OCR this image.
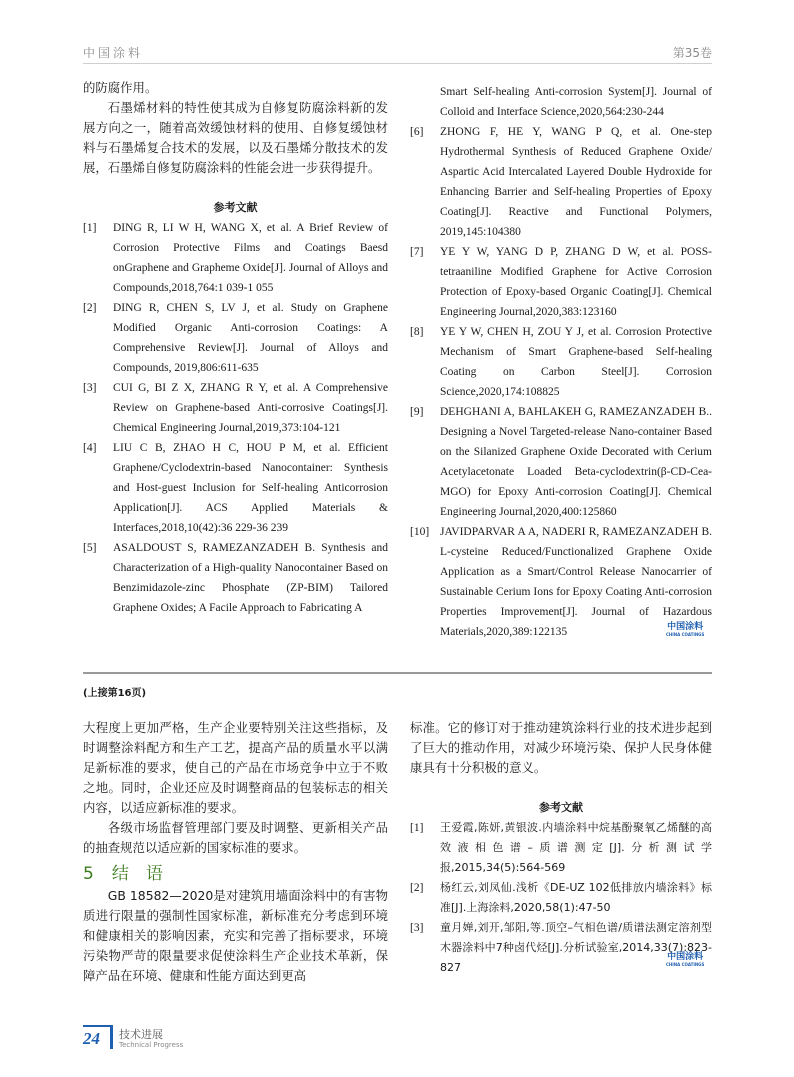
中国涂料	第35卷

的防腐作用。

石墨烯材料的特性使其成为自修复防腐涂料新的发展方向之一，随着高效缓蚀材料的使用、自修复缓蚀材料与石墨烯复合技术的发展，以及石墨烯分散技术的发展，石墨烯自修复防腐涂料的性能会进一步获得提升。

参考文献

[1]	DING R, LI W H, WANG X, et al. A Brief Review of Corrosion Protective Films and Coatings Baesd onGraphene and Grapheme Oxide[J]. Journal of Alloys and Compounds,2018,764:1 039-1 055
[2]	DING R, CHEN S, LV J, et al. Study on Graphene Modified Organic Anti-corrosion Coatings: A Comprehensive Review[J]. Journal of Alloys and Compounds, 2019,806:611-635
[3]	CUI G, BI Z X, ZHANG R Y, et al. A Comprehensive Review on Graphene-based Anti-corrosive Coatings[J]. Chemical Engineering Journal,2019,373:104-121
[4]	LIU C B, ZHAO H C, HOU P M, et al. Efficient Graphene/Cyclodextrin-based Nanocontainer: Synthesis and Host-guest Inclusion for Self-healing Anticorrosion Application[J]. ACS Applied Materials & Interfaces,2018,10(42):36 229-36 239
[5]	ASALDOUST S, RAMEZANZADEH B. Synthesis and Characterization of a High-quality Nanocontainer Based on Benzimidazole-zinc Phosphate (ZP-BIM) Tailored Graphene Oxides; A Facile Approach to Fabricating A
Smart Self-healing Anti-corrosion System[J]. Journal of Colloid and Interface Science,2020,564:230-244
[6]	ZHONG F, HE Y, WANG P Q, et al. One-step Hydrothermal Synthesis of Reduced Graphene Oxide/ Aspartic Acid Intercalated Layered Double Hydroxide for Enhancing Barrier and Self-healing Properties of Epoxy Coating[J]. Reactive and Functional Polymers, 2019,145:104380
[7]	YE Y W, YANG D P, ZHANG D W, et al. POSS-tetraaniline Modified Graphene for Active Corrosion Protection of Epoxy-based Organic Coating[J]. Chemical Engineering Journal,2020,383:123160
[8]	YE Y W, CHEN H, ZOU Y J, et al. Corrosion Protective Mechanism of Smart Graphene-based Self-healing Coating on Carbon Steel[J]. Corrosion Science,2020,174:108825
[9]	DEHGHANI A, BAHLAKEH G, RAMEZANZADEH B.. Designing a Novel Targeted-release Nano-container Based on the Silanized Graphene Oxide Decorated with Cerium Acetylacetonate Loaded Beta-cyclodextrin(β-CD-Cea-MGO) for Epoxy Anti-corrosion Coating[J]. Chemical Engineering Journal,2020,400:125860
[10] JAVIDPARVAR A A, NADERI R, RAMEZANZADEH B. L-cysteine Reduced/Functionalized Graphene Oxide Application as a Smart/Control Release Nanocarrier of Sustainable Cerium Ions for Epoxy Coating Anti-corrosion Properties Improvement[J]. Journal of Hazardous Materials,2020,389:122135	中国涂料
CHINA COATINGS
(上接第16页)

大程度上更加严格，生产企业要特别关注这些指标，及时调整涂料配方和生产工艺，提高产品的质量水平以满足新标准的要求，使自己的产品在市场竞争中立于不败之地。同时，企业还应及时调整商品的包装标志的相关内容，以适应新标准的要求。

各级市场监督管理部门要及时调整、更新相关产品的抽查规范以适应新的国家标准的要求。

5 结　语

GB 18582—2020是对建筑用墙面涂料中的有害物质进行限量的强制性国家标准，新标准充分考虑到环境和健康相关的影响因素，充实和完善了指标要求，环境污染物严苛的限量要求促使涂料生产企业技术革新，保障产品在环境、健康和性能方面达到更高

标准。它的修订对于推动建筑涂料行业的技术进步起到了巨大的推动作用，对减少环境污染、保护人民身体健康具有十分积极的意义。

参考文献

[1]	王爱霞,陈妍,黄银波.内墙涂料中烷基酚聚氧乙烯醚的高效液相色谱–质谱测定[J].分析测试学报,2015,34(5):564-569
[2]	杨红云,刘凤仙.浅析《DE-UZ 102低排放内墙涂料》标准[J].上海涂料,2020,58(1):47-50
[3]	童月婵,刘开,邹阳,等.顶空–气相色谱/质谱法测定溶剂型木器涂料中7种卤代烃[J].分析试验室,2014,33(7):823-827
中国涂料
CHINA COATINGS
24	技术进展
Technical Progress
